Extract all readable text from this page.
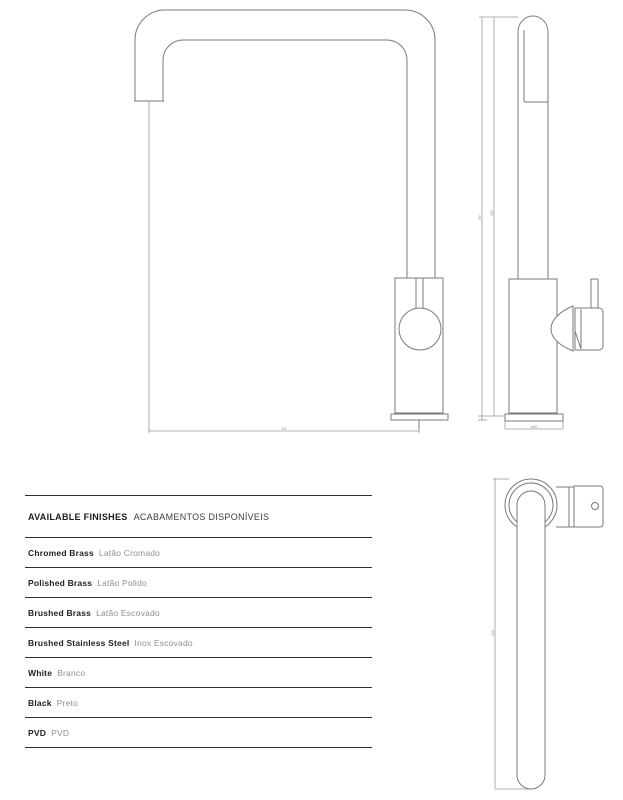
220
367
342
ø50
220
AVAILABLE FINISHES ACABAMENTOS DISPONÍVEIS
Chromed Brass Latão Cromado
Polished Brass Latão Polido
Brushed Brass Latão Escovado
Brushed Stainless Steel Inox Escovado
White Branco
Black Preto
PVD PVD
